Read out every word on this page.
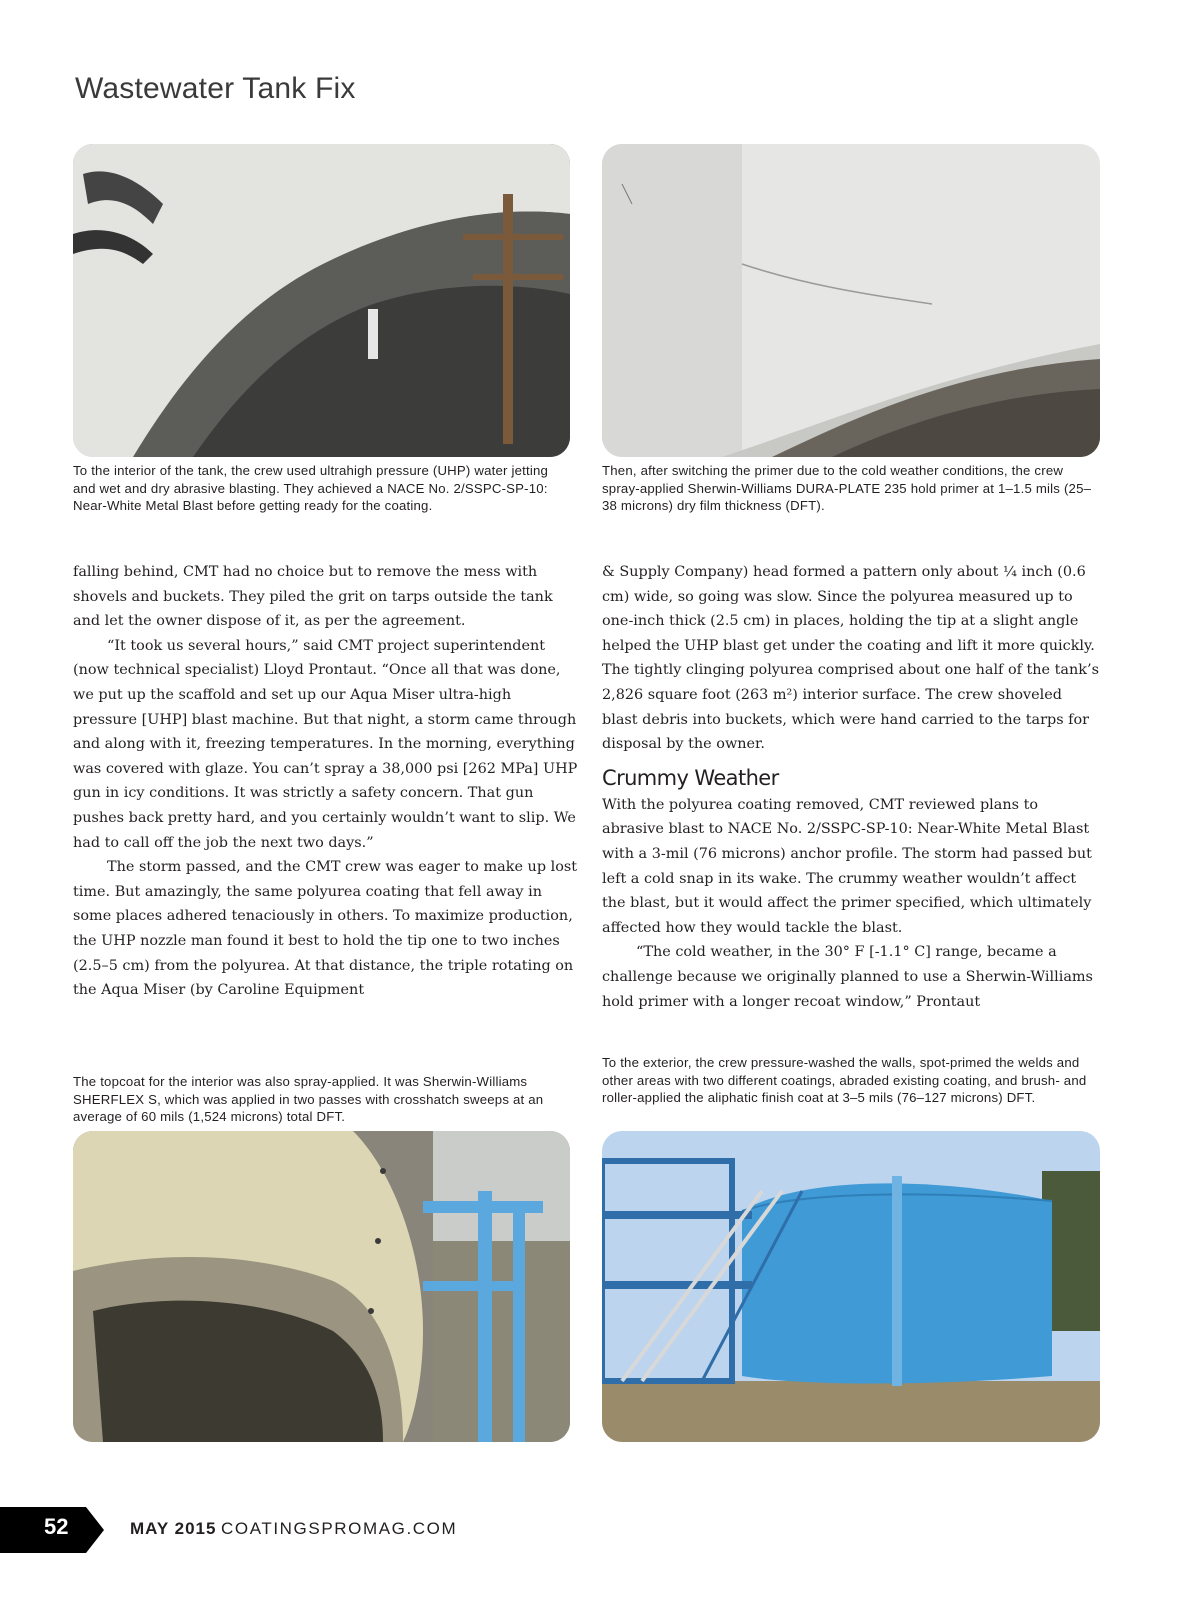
Wastewater Tank Fix

To the interior of the tank, the crew used ultrahigh pressure (UHP) water jetting and wet and dry abrasive blasting. They achieved a NACE No. 2/SSPC-SP-10: Near-White Metal Blast before getting ready for the coating.

Then, after switching the primer due to the cold weather conditions, the crew spray-applied Sherwin-Williams DURA-PLATE 235 hold primer at 1–1.5 mils (25–38 microns) dry film thickness (DFT).

falling behind, CMT had no choice but to remove the mess with shovels and buckets. They piled the grit on tarps outside the tank and let the owner dispose of it, as per the agreement.

“It took us several hours,” said CMT project superintendent (now technical specialist) Lloyd Prontaut. “Once all that was done, we put up the scaffold and set up our Aqua Miser ultra-high pressure [UHP] blast machine. But that night, a storm came through and along with it, freezing temperatures. In the morning, everything was covered with glaze. You can’t spray a 38,000 psi [262 MPa] UHP gun in icy conditions. It was strictly a safety concern. That gun pushes back pretty hard, and you certainly wouldn’t want to slip. We had to call off the job the next two days.”

The storm passed, and the CMT crew was eager to make up lost time. But amazingly, the same polyurea coating that fell away in some places adhered tenaciously in others. To maximize production, the UHP nozzle man found it best to hold the tip one to two inches (2.5–5 cm) from the polyurea. At that distance, the triple rotating on the Aqua Miser (by Caroline Equipment

& Supply Company) head formed a pattern only about ¼ inch (0.6 cm) wide, so going was slow. Since the polyurea measured up to one-inch thick (2.5 cm) in places, holding the tip at a slight angle helped the UHP blast get under the coating and lift it more quickly. The tightly clinging polyurea comprised about one half of the tank’s 2,826 square foot (263 m²) interior surface. The crew shoveled blast debris into buckets, which were hand carried to the tarps for disposal by the owner.

Crummy Weather

With the polyurea coating removed, CMT reviewed plans to abrasive blast to NACE No. 2/SSPC-SP-10: Near-White Metal Blast with a 3-mil (76 microns) anchor profile. The storm had passed but left a cold snap in its wake. The crummy weather wouldn’t affect the blast, but it would affect the primer specified, which ultimately affected how they would tackle the blast.

“The cold weather, in the 30° F [-1.1° C] range, became a challenge because we originally planned to use a Sherwin-Williams hold primer with a longer recoat window,” Prontaut

The topcoat for the interior was also spray-applied. It was Sherwin-Williams SHERFLEX S, which was applied in two passes with crosshatch sweeps at an average of 60 mils (1,524 microns) total DFT.

To the exterior, the crew pressure-washed the walls, spot-primed the welds and other areas with two different coatings, abraded existing coating, and brush- and roller-applied the aliphatic finish coat at 3–5 mils (76–127 microns) DFT.

52	MAY 2015 COATINGSPROMAG.COM
